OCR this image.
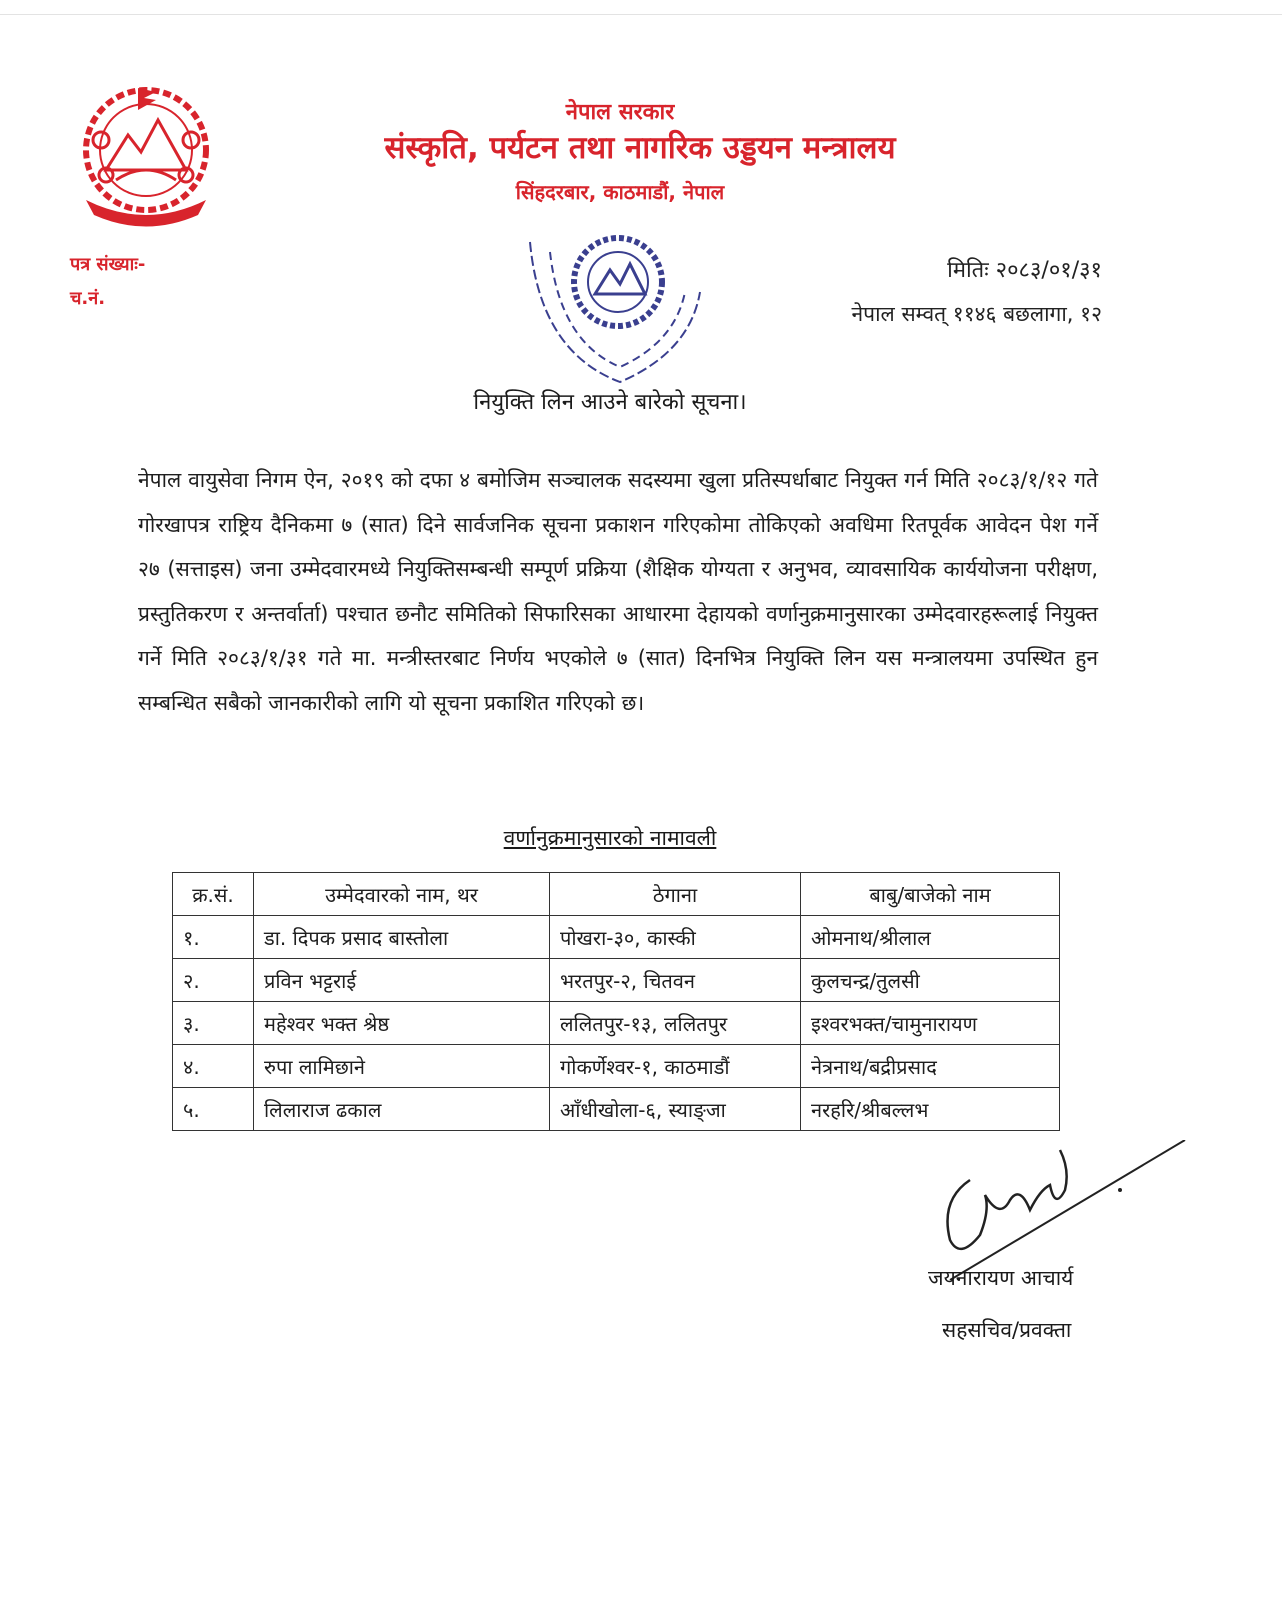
नेपाल सरकार
संस्कृति, पर्यटन तथा नागरिक उड्डयन मन्त्रालय
सिंहदरबार, काठमाडौं, नेपाल
पत्र संख्याः-
च.नं.
मितिः २०८३/०१/३१
नेपाल सम्वत् ११४६ बछलागा, १२
नियुक्ति लिन आउने बारेको सूचना।
नेपाल वायुसेवा निगम ऐन, २०१९ को दफा ४ बमोजिम सञ्चालक सदस्यमा खुला प्रतिस्पर्धाबाट नियुक्त गर्न मिति २०८३/१/१२ गते गोरखापत्र राष्ट्रिय दैनिकमा ७ (सात) दिने सार्वजनिक सूचना प्रकाशन गरिएकोमा तोकिएको अवधिमा रितपूर्वक आवेदन पेश गर्ने २७ (सत्ताइस) जना उम्मेदवारमध्ये नियुक्तिसम्बन्धी सम्पूर्ण प्रक्रिया (शैक्षिक योग्यता र अनुभव, व्यावसायिक कार्ययोजना परीक्षण, प्रस्तुतिकरण र अन्तर्वार्ता) पश्चात छनौट समितिको सिफारिसका आधारमा देहायको वर्णानुक्रमानुसारका उम्मेदवारहरूलाई नियुक्त गर्ने मिति २०८३/१/३१ गते मा. मन्त्रीस्तरबाट निर्णय भएकोले ७ (सात) दिनभित्र नियुक्ति लिन यस मन्त्रालयमा उपस्थित हुन सम्बन्धित सबैको जानकारीको लागि यो सूचना प्रकाशित गरिएको छ।
वर्णानुक्रमानुसारको नामावली
क्र.सं.	उम्मेदवारको नाम, थर	ठेगाना	बाबु/बाजेको नाम
१.	डा. दिपक प्रसाद बास्तोला	पोखरा-३०, कास्की	ओमनाथ/श्रीलाल
२.	प्रविन भट्टराई	भरतपुर-२, चितवन	कुलचन्द्र/तुलसी
३.	महेश्वर भक्त श्रेष्ठ	ललितपुर-१३, ललितपुर	इश्वरभक्त/चामुनारायण
४.	रुपा लामिछाने	गोकर्णेश्वर-१, काठमाडौं	नेत्रनाथ/बद्रीप्रसाद
५.	लिलाराज ढकाल	आँधीखोला-६, स्याङ्जा	नरहरि/श्रीबल्लभ
जयनारायण आचार्य
सहसचिव/प्रवक्ता
